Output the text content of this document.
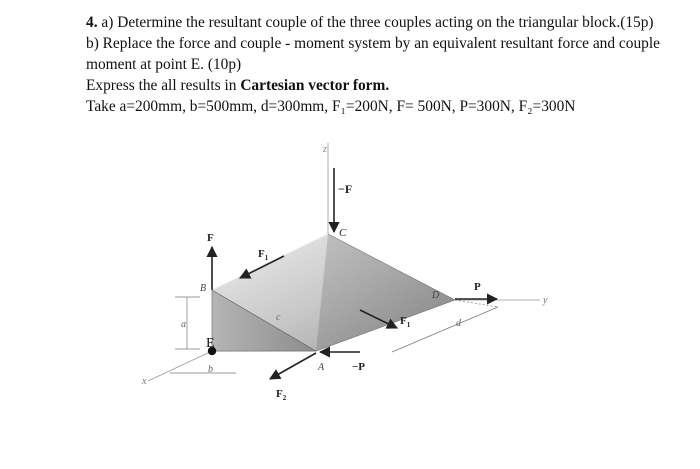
4. a) Determine the resultant couple of the three couples acting on the triangular block.(15p)

b) Replace the force and couple - moment system by an equivalent resultant force and couple

moment at point E. (10p)

Express the all results in Cartesian vector form.

Take a=200mm, b=500mm, d=300mm, F₁=200N, F= 500N, P=300N, F₂=300N

z
−F
C
F
$F_1$
B
c
D
P
y
a	$F_1$	d
E
A	−P
x
b
$F_2$
